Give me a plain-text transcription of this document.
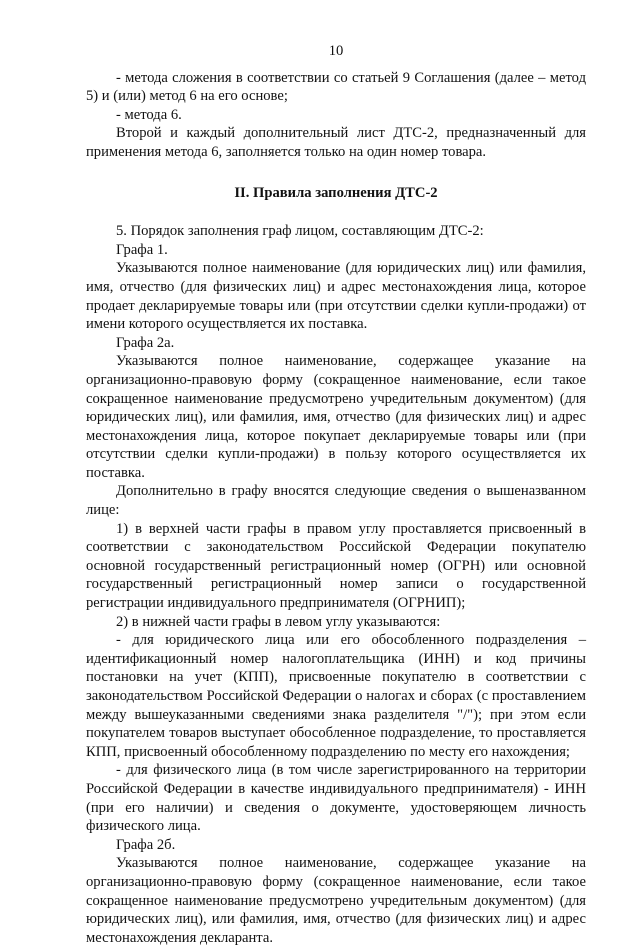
10

- метода сложения в соответствии со статьей 9 Соглашения (далее – метод 5) и (или) метод 6 на его основе;

- метода 6.

Второй и каждый дополнительный лист ДТС-2, предназначенный для применения метода 6, заполняется только на один номер товара.

II. Правила заполнения ДТС-2

5. Порядок заполнения граф лицом, составляющим ДТС-2:

Графа 1.

Указываются полное наименование (для юридических лиц) или фамилия, имя, отчество (для физических лиц) и адрес местонахождения лица, которое продает декларируемые товары или (при отсутствии сделки купли-продажи) от имени которого осуществляется их поставка.

Графа 2а.

Указываются полное наименование, содержащее указание на организационно-правовую форму (сокращенное наименование, если такое сокращенное наименование предусмотрено учредительным документом) (для юридических лиц), или фамилия, имя, отчество (для физических лиц) и адрес местонахождения лица, которое покупает декларируемые товары или (при отсутствии сделки купли-продажи) в пользу которого осуществляется их поставка.

Дополнительно в графу вносятся следующие сведения о вышеназванном лице:

1) в верхней части графы в правом углу проставляется присвоенный в соответствии с законодательством Российской Федерации покупателю основной государственный регистрационный номер (ОГРН) или основной государственный регистрационный номер записи о государственной регистрации индивидуального предпринимателя (ОГРНИП);

2) в нижней части графы в левом углу указываются:

- для юридического лица или его обособленного подразделения – идентификационный номер налогоплательщика (ИНН) и код причины постановки на учет (КПП), присвоенные покупателю в соответствии с законодательством Российской Федерации о налогах и сборах (с проставлением между вышеуказанными сведениями знака разделителя "/"); при этом если покупателем товаров выступает обособленное подразделение, то проставляется КПП, присвоенный обособленному подразделению по месту его нахождения;

- для физического лица (в том числе зарегистрированного на территории Российской Федерации в качестве индивидуального предпринимателя) - ИНН (при его наличии) и сведения о документе, удостоверяющем личность физического лица.

Графа 2б.

Указываются полное наименование, содержащее указание на организационно-правовую форму (сокращенное наименование, если такое сокращенное наименование предусмотрено учредительным документом) (для юридических лиц), или фамилия, имя, отчество (для физических лиц) и адрес местонахождения декларанта.
